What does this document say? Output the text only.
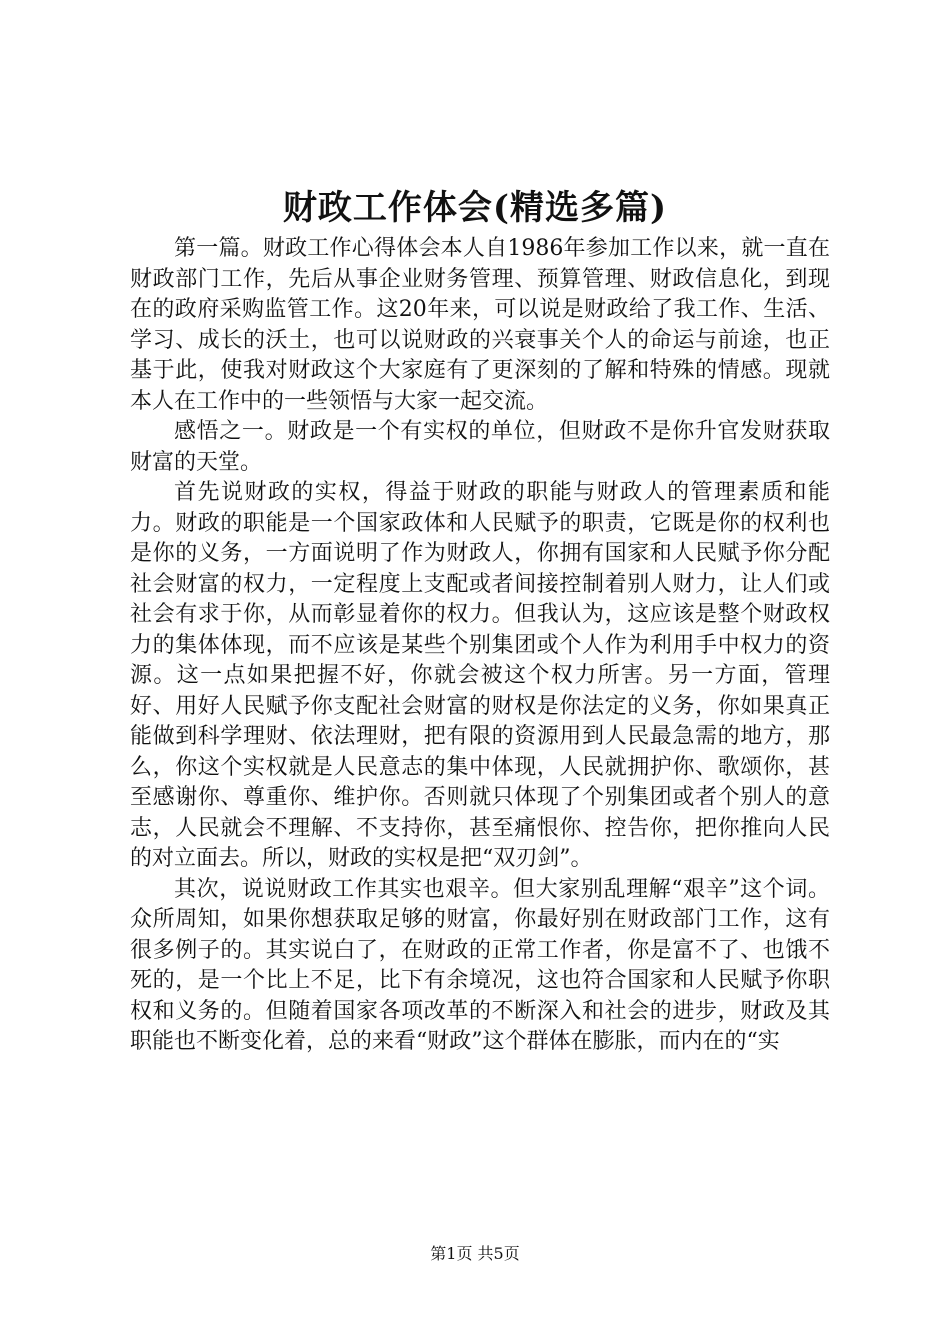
财政工作体会(精选多篇)

第一篇。财政工作心得体会本人自1986年参加工作以来，就一直在财政部门工作，先后从事企业财务管理、预算管理、财政信息化，到现在的政府采购监管工作。这20年来，可以说是财政给了我工作、生活、学习、成长的沃土，也可以说财政的兴衰事关个人的命运与前途，也正基于此，使我对财政这个大家庭有了更深刻的了解和特殊的情感。现就本人在工作中的一些领悟与大家一起交流。

感悟之一。财政是一个有实权的单位，但财政不是你升官发财获取财富的天堂。

首先说财政的实权，得益于财政的职能与财政人的管理素质和能力。财政的职能是一个国家政体和人民赋予的职责，它既是你的权利也是你的义务，一方面说明了作为财政人，你拥有国家和人民赋予你分配社会财富的权力，一定程度上支配或者间接控制着别人财力，让人们或社会有求于你，从而彰显着你的权力。但我认为，这应该是整个财政权力的集体体现，而不应该是某些个别集团或个人作为利用手中权力的资源。这一点如果把握不好，你就会被这个权力所害。另一方面，管理好、用好人民赋予你支配社会财富的财权是你法定的义务，你如果真正能做到科学理财、依法理财，把有限的资源用到人民最急需的地方，那么，你这个实权就是人民意志的集中体现，人民就拥护你、歌颂你，甚至感谢你、尊重你、维护你。否则就只体现了个别集团或者个别人的意志，人民就会不理解、不支持你，甚至痛恨你、控告你，把你推向人民的对立面去。所以，财政的实权是把“双刃剑”。

其次，说说财政工作其实也艰辛。但大家别乱理解“艰辛”这个词。众所周知，如果你想获取足够的财富，你最好别在财政部门工作，这有很多例子的。其实说白了，在财政的正常工作者，你是富不了、也饿不死的，是一个比上不足，比下有余境况，这也符合国家和人民赋予你职权和义务的。但随着国家各项改革的不断深入和社会的进步，财政及其职能也不断变化着，总的来看“财政”这个群体在膨胀，而内在的“实

第1页 共5页
